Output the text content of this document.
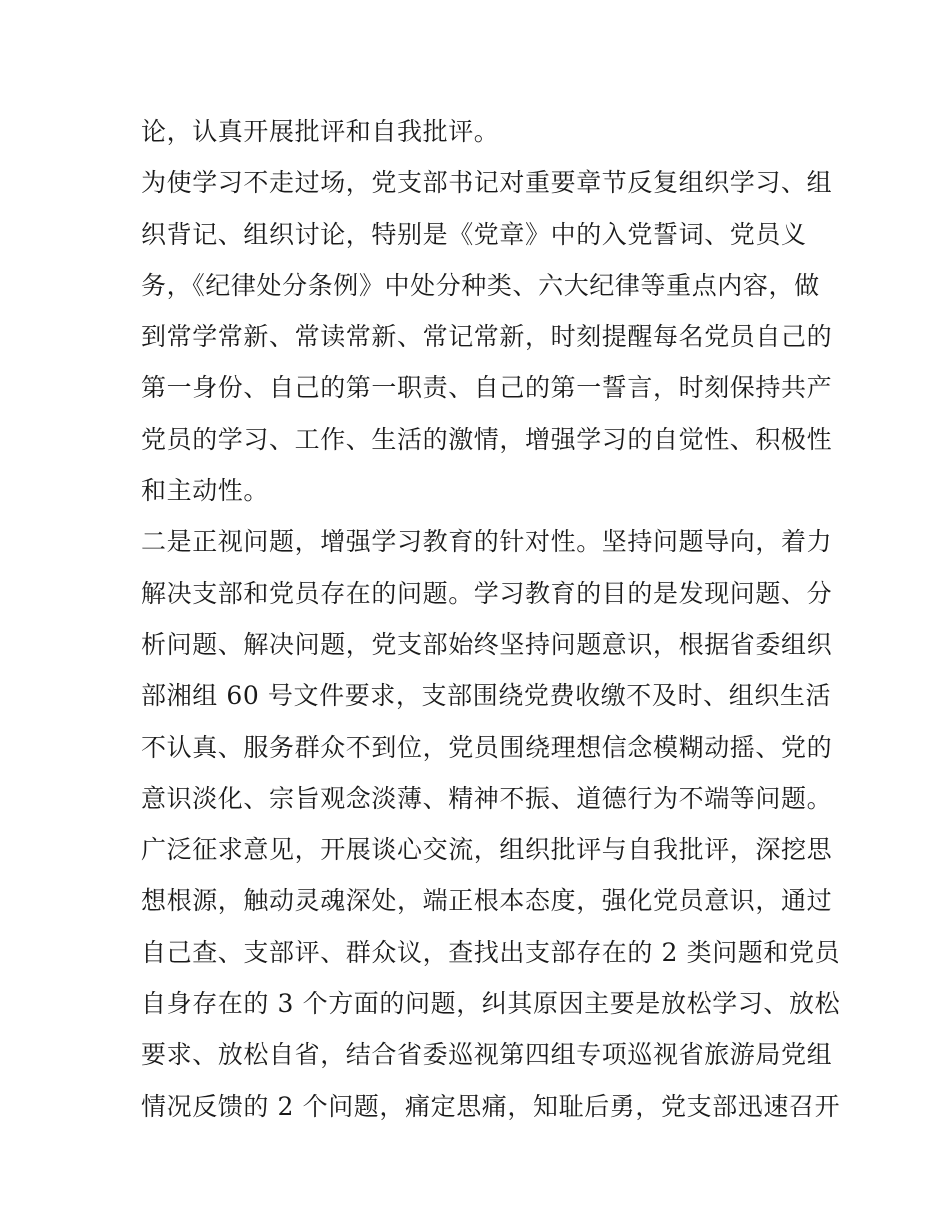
论，认真开展批评和自我批评。
为使学习不走过场，党支部书记对重要章节反复组织学习、组
织背记、组织讨论，特别是《党章》中的入党誓词、党员义
务，《纪律处分条例》中处分种类、六大纪律等重点内容，做
到常学常新、常读常新、常记常新，时刻提醒每名党员自己的
第一身份、自己的第一职责、自己的第一誓言，时刻保持共产
党员的学习、工作、生活的激情，增强学习的自觉性、积极性
和主动性。
二是正视问题，增强学习教育的针对性。坚持问题导向，着力
解决支部和党员存在的问题。学习教育的目的是发现问题、分
析问题、解决问题，党支部始终坚持问题意识，根据省委组织
部湘组 60 号文件要求，支部围绕党费收缴不及时、组织生活
不认真、服务群众不到位，党员围绕理想信念模糊动摇、党的
意识淡化、宗旨观念淡薄、精神不振、道德行为不端等问题。
广泛征求意见，开展谈心交流，组织批评与自我批评，深挖思
想根源，触动灵魂深处，端正根本态度，强化党员意识，通过
自己查、支部评、群众议，查找出支部存在的 2 类问题和党员
自身存在的 3 个方面的问题，纠其原因主要是放松学习、放松
要求、放松自省，结合省委巡视第四组专项巡视省旅游局党组
情况反馈的 2 个问题，痛定思痛，知耻后勇，党支部迅速召开
